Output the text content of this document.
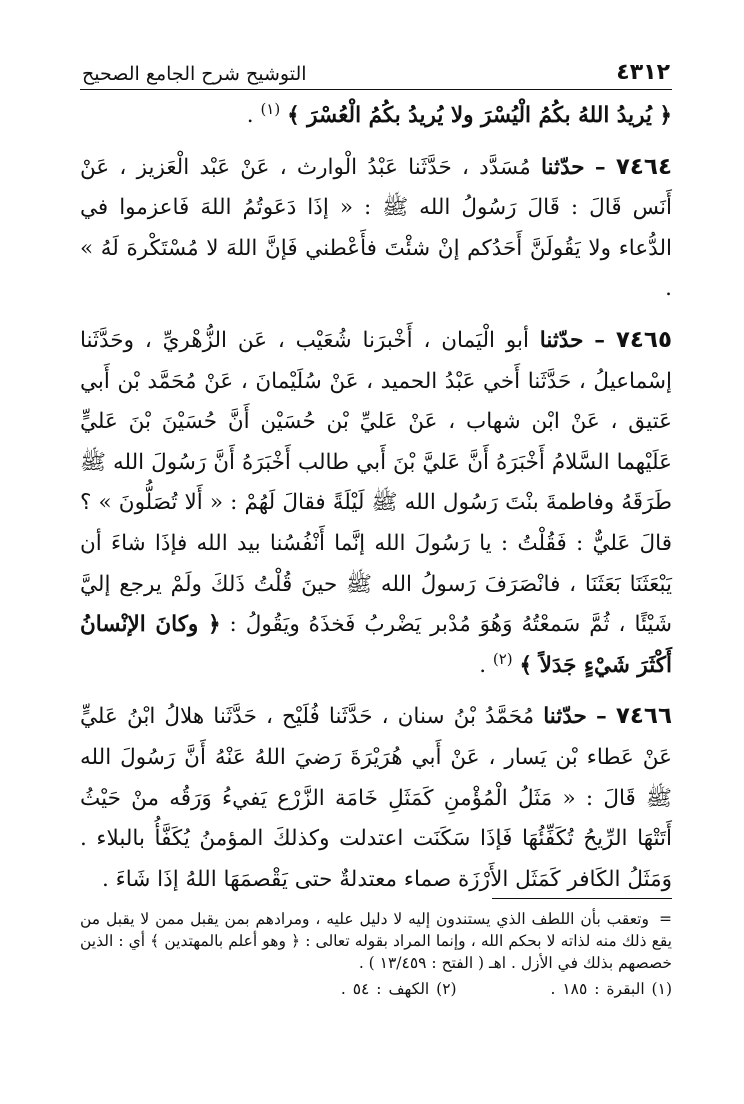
٤٣١٢
التوشيح شرح الجامع الصحيح

﴿ يُريدُ اللهُ بكُمُ الْيُسْرَ ولا يُريدُ بكُمُ الْعُسْرَ ﴾ $^{(١)}$ .

٧٤٦٤ – حدّثنا مُسَدَّد ، حَدَّثَنا عَبْدُ الْوارث ، عَنْ عَبْد الْعَزيز ، عَنْ أَنَس قَالَ : قَالَ رَسُولُ الله ﷺ : « إذَا دَعَوتُمُ اللهَ فَاعزموا في الدُّعاء ولا يَقُولَنَّ أَحَدُكم إنْ شئْتَ فأَعْطني فَإنَّ اللهَ لا مُسْتَكْرهَ لَهُ » .

٧٤٦٥ – حدّثنا أبو الْيَمان ، أَخْبرَنا شُعَيْب ، عَن الزُّهْريِّ ، وحَدَّثَنا إسْماعيلُ ، حَدَّثَنا أَخي عَبْدُ الحميد ، عَنْ سُلَيْمانَ ، عَنْ مُحَمَّد بْن أَبي عَتيق ، عَنْ ابْن شهاب ، عَنْ عَليِّ بْن حُسَيْن أَنَّ حُسَيْنَ بْنَ عَليٍّ عَلَيْهما السَّلامُ أَخْبَرَهُ أَنَّ عَليَّ بْنَ أَبي طالب أَخْبَرَهُ أَنَّ رَسُولَ الله ﷺ طَرَقَهُ وفاطمةَ بنْتَ رَسُول الله ﷺ لَيْلَةً فقالَ لَهُمْ : « أَلا تُصَلُّونَ » ؟ قالَ عَليٌّ : فَقُلْتُ : يا رَسُولَ الله إنَّما أَنْفُسُنا بيد الله فإذَا شاءَ أن يَبْعَثَنَا بَعَثَنَا ، فانْصَرَفَ رَسولُ الله ﷺ حينَ قُلْتُ ذَلكَ ولَمْ يرجع إليَّ شَيْئًا ، ثُمَّ سَمعْتُهُ وَهُوَ مُدْبر يَضْربُ فَخذَهُ ويَقُولُ : ﴿ وكانَ الإنْسانُ أَكْثَرَ شَيْءٍ جَدَلاً ﴾ $^{(٢)}$ .

٧٤٦٦ – حدّثنا مُحَمَّدُ بْنُ سنان ، حَدَّثَنا فُلَيْح ، حَدَّثَنا هلالُ ابْنُ عَليٍّ عَنْ عَطاء بْن يَسار ، عَنْ أَبي هُرَيْرَةَ رَضيَ اللهُ عَنْهُ أَنَّ رَسُولَ الله ﷺ قَالَ : « مَثَلُ الْمُؤْمنِ كَمَثَلِ خَامَة الزَّرْع يَفيءُ وَرَقُه منْ حَيْثُ أَتَتْهَا الرِّيحُ تُكَفِّئُهَا فَإذَا سَكَنَت اعتدلت وكذلكَ المؤمنُ يُكَفَّأُ بالبلاء . وَمَثَلُ الكَافر كَمَثَل الأَرْزَة صماء معتدلةٌ حتى يَقْصمَهَا اللهُ إذَا شَاءَ .

=وتعقب بأن اللطف الذي يستندون إليه لا دليل عليه ، ومرادهم بمن يقبل ممن لا يقبل من يقع ذلك منه لذاته لا بحكم الله ، وإنما المراد بقوله تعالى : ﴿ وهو أعلم بالمهتدين ﴾ أي : الذين خصصهم بذلك في الأزل . اهـ ( الفتح : ١٣/٤٥٩ ) .

(١) البقرة : ١٨٥ .  (٢) الكهف : ٥٤ .
